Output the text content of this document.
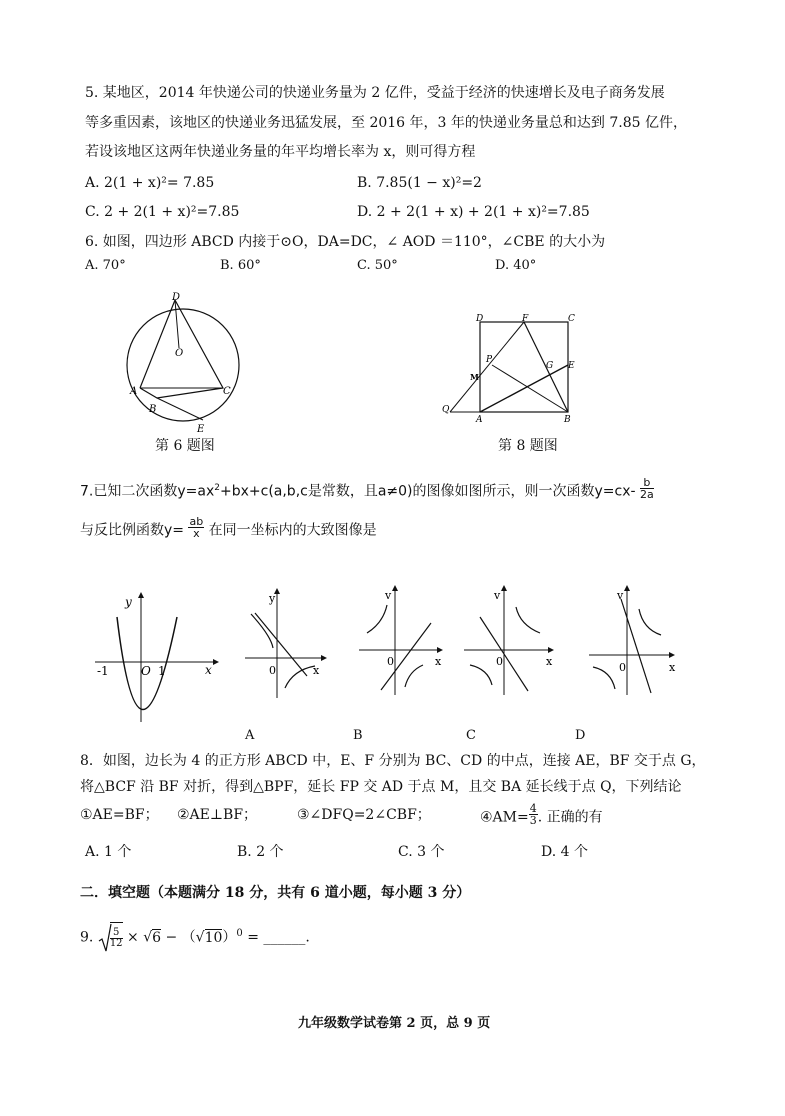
5. 某地区，2014 年快递公司的快递业务量为 2 亿件，受益于经济的快速增长及电子商务发展
等多重因素，该地区的快递业务迅猛发展，至 2016 年，3 年的快递业务量总和达到 7.85 亿件，
若设该地区这两年快递业务量的年平均增长率为 x，则可得方程
A. 2(1 + x)²= 7.85	B. 7.85(1 − x)²=2
C. 2 + 2(1 + x)²=7.85	D. 2 + 2(1 + x) + 2(1 + x)²=7.85
6. 如图，四边形 ABCD 内接于⊙O，DA=DC，∠ AOD ＝110°，∠CBE 的大小为
A. 70°	B. 60°	C. 50°	D. 40°
D
O
A	C
B
E
第 6 题图
D	F	C
P
G E
M
Q
A	B
第 8 题图
7.已知二次函数$y=ax^2+bx+c(a,b,c$是常数，且a≠0)的图像如图所示，则一次函数$y=cx- \frac{b}{2a}$
与反比例函数$y= \frac{ab}{x}$ 在同一坐标内的大致图像是
y
x
-1	O 1
y
0	x
v
0	x
v
0	x
v
0	x
A	B	C	D
8．如图，边长为 4 的正方形 ABCD 中，E、F 分别为 BC、CD 的中点，连接 AE，BF 交于点 G，
将△BCF 沿 BF 对折，得到△BPF，延长 FP 交 AD 于点 M，且交 BA 延长线于点 Q，下列结论
①AE=BF； ②AE⊥BF；	③∠DFQ=2∠CBF；	④AM= $\frac{4}{3}$ . 正确的有
A. 1 个	B. 2 个	C. 3 个	D. 4 个
二．填空题（本题满分 18 分，共有 6 道小题，每小题 3 分）
9. $\frac{5}{12} \times √6 - (√10)^0$ = ______.
九年级数学试卷第 2 页，总 9 页
